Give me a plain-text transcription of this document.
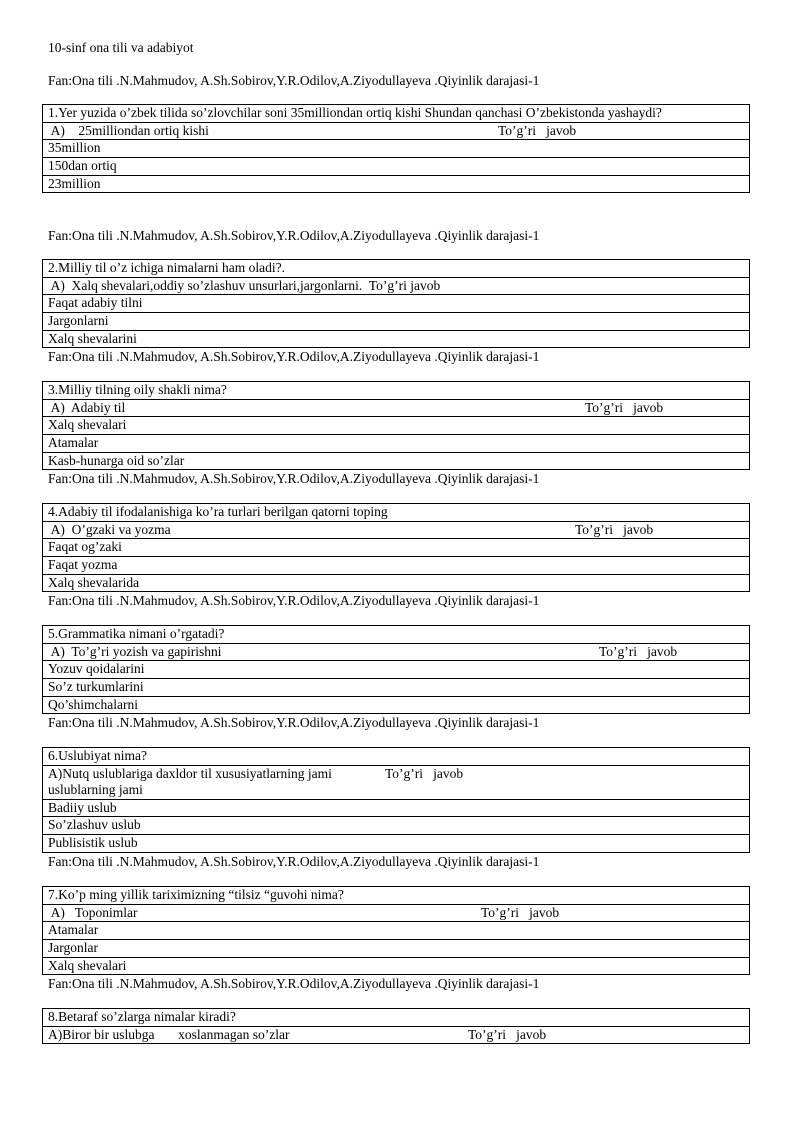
10-sinf ona tili va adabiyot
Fan:Ona tili .N.Mahmudov, A.Sh.Sobirov,Y.R.Odilov,A.Ziyodullayeva .Qiyinlik darajasi-1
1.Yer yuzida o’zbek tilida so’zlovchilar soni 35milliondan ortiq kishi Shundan qanchasi O’zbekistonda yashaydi?
A)    25milliondan ortiq kishi	To’g’ri   javob

35million
150dan ortiq
23million
Fan:Ona tili .N.Mahmudov, A.Sh.Sobirov,Y.R.Odilov,A.Ziyodullayeva .Qiyinlik darajasi-1
2.Milliy til o’z ichiga nimalarni ham oladi?.
A)  Xalq shevalari,oddiy so’zlashuv unsurlari,jargonlarni.  To’g’ri javob
Faqat adabiy tilni
Jargonlarni
Xalq shevalarini
Fan:Ona tili .N.Mahmudov, A.Sh.Sobirov,Y.R.Odilov,A.Ziyodullayeva .Qiyinlik darajasi-1
3.Milliy tilning oily shakli nima?
A)  Adabiy til	To’g’ri   javob

Xalq shevalari
Atamalar
Kasb-hunarga oid so’zlar
Fan:Ona tili .N.Mahmudov, A.Sh.Sobirov,Y.R.Odilov,A.Ziyodullayeva .Qiyinlik darajasi-1
4.Adabiy til ifodalanishiga ko’ra turlari berilgan qatorni toping
A)  O’gzaki va yozma	To’g’ri   javob

Faqat og’zaki
Faqat yozma
Xalq shevalarida
Fan:Ona tili .N.Mahmudov, A.Sh.Sobirov,Y.R.Odilov,A.Ziyodullayeva .Qiyinlik darajasi-1
5.Grammatika nimani o’rgatadi?
A)  To’g’ri yozish va gapirishni	To’g’ri   javob

Yozuv qoidalarini
So’z turkumlarini
Qo’shimchalarni
Fan:Ona tili .N.Mahmudov, A.Sh.Sobirov,Y.R.Odilov,A.Ziyodullayeva .Qiyinlik darajasi-1
6.Uslubiyat nima?
A)Nutq uslublariga daxldor til xususiyatlarning jami	To’g’ri   javob

uslublarning jami
Badiiy uslub
So’zlashuv uslub
Publisistik uslub
Fan:Ona tili .N.Mahmudov, A.Sh.Sobirov,Y.R.Odilov,A.Ziyodullayeva .Qiyinlik darajasi-1
7.Ko’p ming yillik tariximizning “tilsiz “guvohi nima?
A)   Toponimlar	To’g’ri   javob

Atamalar
Jargonlar
Xalq shevalari
Fan:Ona tili .N.Mahmudov, A.Sh.Sobirov,Y.R.Odilov,A.Ziyodullayeva .Qiyinlik darajasi-1
8.Betaraf so’zlarga nimalar kiradi?
A)Biror bir uslubga       xoslanmagan so’zlar	To’g’ri   javob
